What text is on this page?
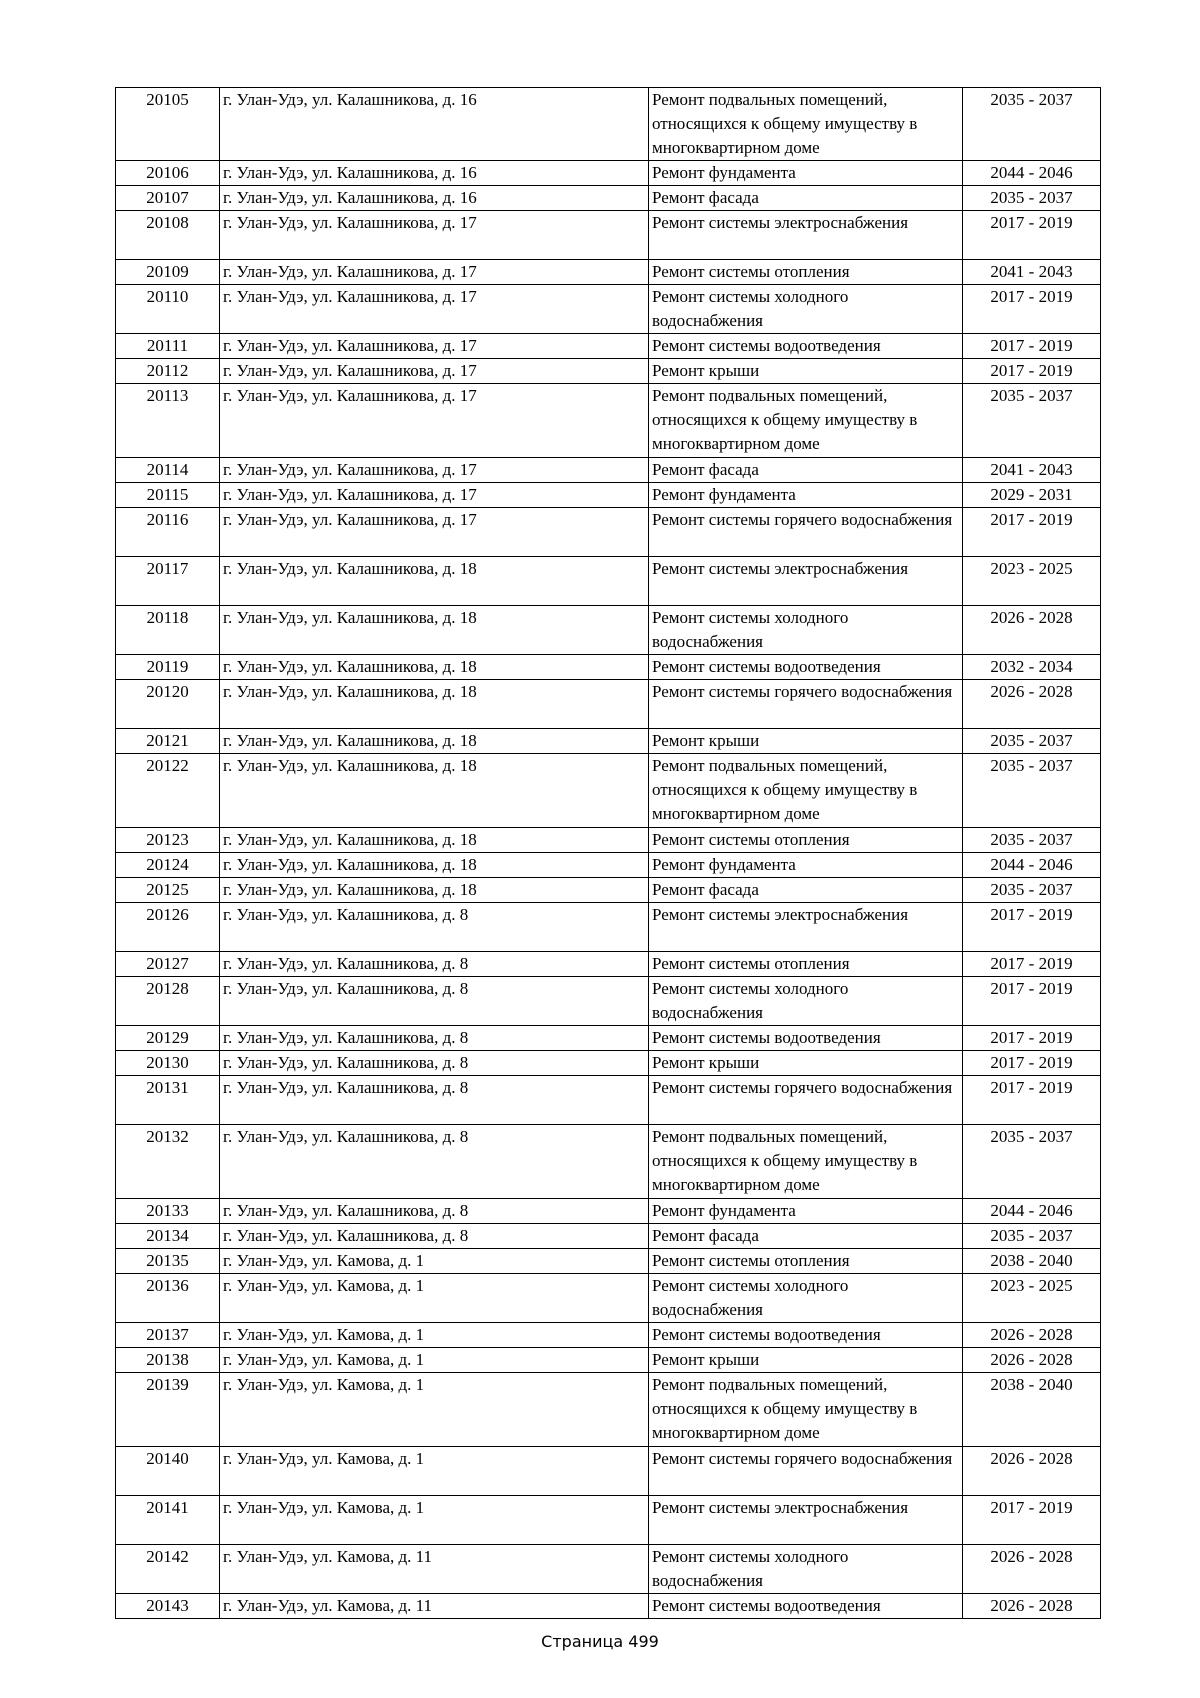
20105	г. Улан-Удэ, ул. Калашникова, д. 16	Ремонт подвальных помещений, относящихся к общему имуществу в многоквартирном доме	2035 - 2037
20106	г. Улан-Удэ, ул. Калашникова, д. 16	Ремонт фундамента	2044 - 2046
20107	г. Улан-Удэ, ул. Калашникова, д. 16	Ремонт фасада	2035 - 2037
20108	г. Улан-Удэ, ул. Калашникова, д. 17	Ремонт системы электроснабжения	2017 - 2019
20109	г. Улан-Удэ, ул. Калашникова, д. 17	Ремонт системы отопления	2041 - 2043
20110	г. Улан-Удэ, ул. Калашникова, д. 17	Ремонт системы холодного водоснабжения	2017 - 2019
20111	г. Улан-Удэ, ул. Калашникова, д. 17	Ремонт системы водоотведения	2017 - 2019
20112	г. Улан-Удэ, ул. Калашникова, д. 17	Ремонт крыши	2017 - 2019
20113	г. Улан-Удэ, ул. Калашникова, д. 17	Ремонт подвальных помещений, относящихся к общему имуществу в многоквартирном доме	2035 - 2037
20114	г. Улан-Удэ, ул. Калашникова, д. 17	Ремонт фасада	2041 - 2043
20115	г. Улан-Удэ, ул. Калашникова, д. 17	Ремонт фундамента	2029 - 2031
20116	г. Улан-Удэ, ул. Калашникова, д. 17	Ремонт системы горячего водоснабжения	2017 - 2019
20117	г. Улан-Удэ, ул. Калашникова, д. 18	Ремонт системы электроснабжения	2023 - 2025
20118	г. Улан-Удэ, ул. Калашникова, д. 18	Ремонт системы холодного водоснабжения	2026 - 2028
20119	г. Улан-Удэ, ул. Калашникова, д. 18	Ремонт системы водоотведения	2032 - 2034
20120	г. Улан-Удэ, ул. Калашникова, д. 18	Ремонт системы горячего водоснабжения	2026 - 2028
20121	г. Улан-Удэ, ул. Калашникова, д. 18	Ремонт крыши	2035 - 2037
20122	г. Улан-Удэ, ул. Калашникова, д. 18	Ремонт подвальных помещений, относящихся к общему имуществу в многоквартирном доме	2035 - 2037
20123	г. Улан-Удэ, ул. Калашникова, д. 18	Ремонт системы отопления	2035 - 2037
20124	г. Улан-Удэ, ул. Калашникова, д. 18	Ремонт фундамента	2044 - 2046
20125	г. Улан-Удэ, ул. Калашникова, д. 18	Ремонт фасада	2035 - 2037
20126	г. Улан-Удэ, ул. Калашникова, д. 8	Ремонт системы электроснабжения	2017 - 2019
20127	г. Улан-Удэ, ул. Калашникова, д. 8	Ремонт системы отопления	2017 - 2019
20128	г. Улан-Удэ, ул. Калашникова, д. 8	Ремонт системы холодного водоснабжения	2017 - 2019
20129	г. Улан-Удэ, ул. Калашникова, д. 8	Ремонт системы водоотведения	2017 - 2019
20130	г. Улан-Удэ, ул. Калашникова, д. 8	Ремонт крыши	2017 - 2019
20131	г. Улан-Удэ, ул. Калашникова, д. 8	Ремонт системы горячего водоснабжения	2017 - 2019
20132	г. Улан-Удэ, ул. Калашникова, д. 8	Ремонт подвальных помещений, относящихся к общему имуществу в многоквартирном доме	2035 - 2037
20133	г. Улан-Удэ, ул. Калашникова, д. 8	Ремонт фундамента	2044 - 2046
20134	г. Улан-Удэ, ул. Калашникова, д. 8	Ремонт фасада	2035 - 2037
20135	г. Улан-Удэ, ул. Камова, д. 1	Ремонт системы отопления	2038 - 2040
20136	г. Улан-Удэ, ул. Камова, д. 1	Ремонт системы холодного водоснабжения	2023 - 2025
20137	г. Улан-Удэ, ул. Камова, д. 1	Ремонт системы водоотведения	2026 - 2028
20138	г. Улан-Удэ, ул. Камова, д. 1	Ремонт крыши	2026 - 2028
20139	г. Улан-Удэ, ул. Камова, д. 1	Ремонт подвальных помещений, относящихся к общему имуществу в многоквартирном доме	2038 - 2040
20140	г. Улан-Удэ, ул. Камова, д. 1	Ремонт системы горячего водоснабжения	2026 - 2028
20141	г. Улан-Удэ, ул. Камова, д. 1	Ремонт системы электроснабжения	2017 - 2019
20142	г. Улан-Удэ, ул. Камова, д. 11	Ремонт системы холодного водоснабжения	2026 - 2028
20143	г. Улан-Удэ, ул. Камова, д. 11	Ремонт системы водоотведения	2026 - 2028
Страница 499
